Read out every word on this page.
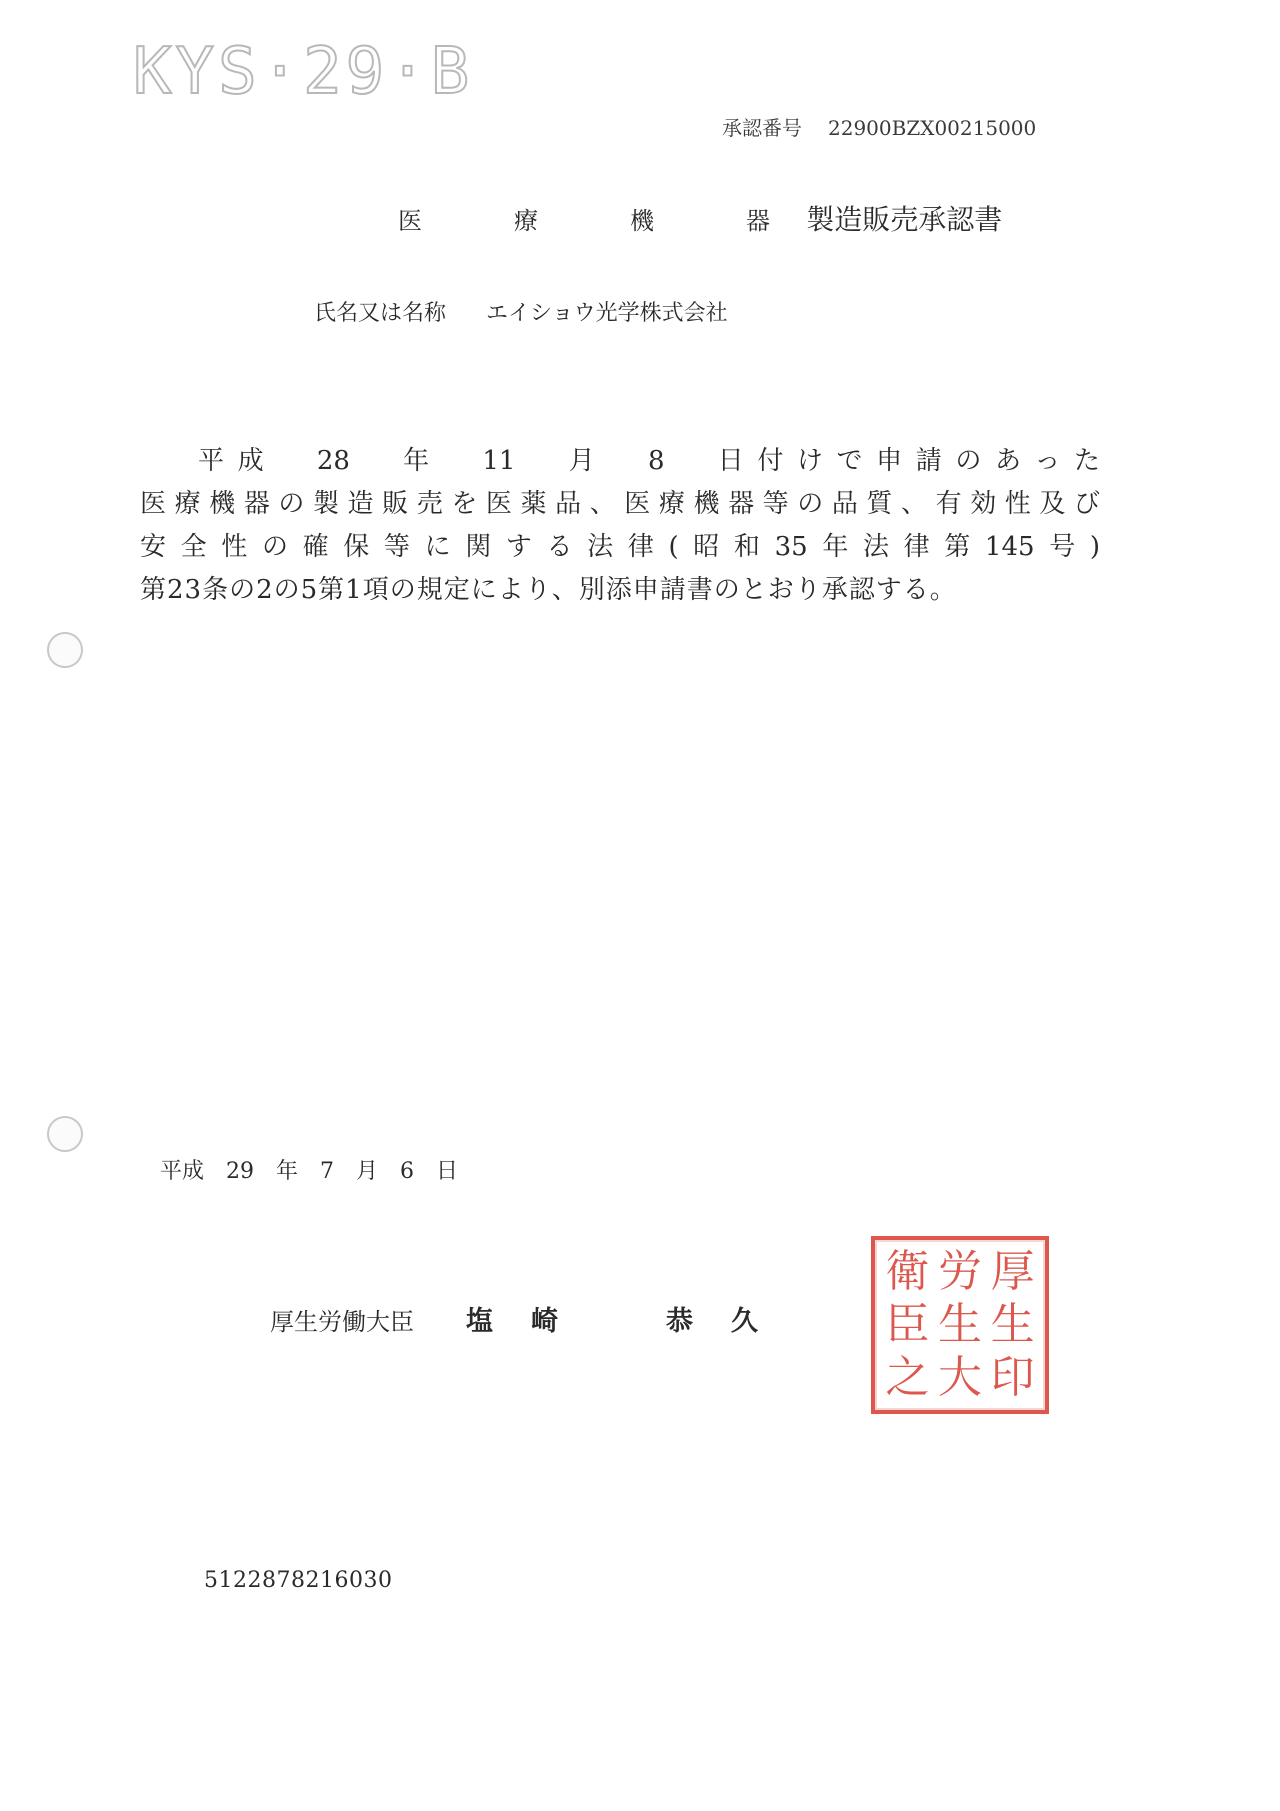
KYS·29·B
承認番号 22900BZX00215000
医　療　機　器 製造販売承認書
氏名又は名称 エイショウ光学株式会社
平成　28　年　11　月　8　日付けで申請のあった
医療機器の製造販売を医薬品、医療機器等の品質、有効性及び
安全性の確保等に関する法律(昭和35年法律第145号)
第23条の2の5第1項の規定により、別添申請書のとおり承認する。
平成　29　年　7　月　6　日
厚生労働大臣 塩崎	恭久
衛 労 厚
臣 生 生
之 大 印
5122878216030
